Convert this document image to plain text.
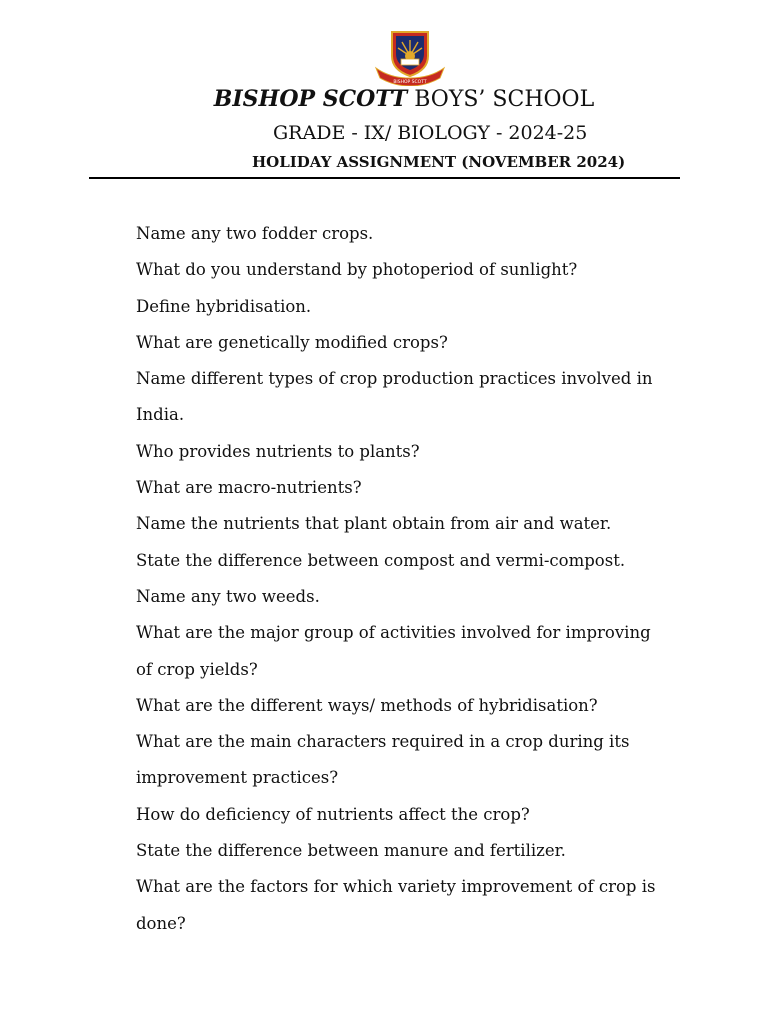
BISHOP SCOTT
BISHOP SCOTT BOYS’ SCHOOL
GRADE - IX/ BIOLOGY - 2024-25
HOLIDAY ASSIGNMENT (NOVEMBER 2024)
Name any two fodder crops.
What do you understand by photoperiod of sunlight?
Define hybridisation.
What are genetically modified crops?
Name different types of crop production practices involved in
India.
Who provides nutrients to plants?
What are macro-nutrients?
Name the nutrients that plant obtain from air and water.
State the difference between compost and vermi-compost.
Name any two weeds.
What are the major group of activities involved for improving
of crop yields?
What are the different ways/ methods of hybridisation?
What are the main characters required in a crop during its
improvement practices?
How do deficiency of nutrients affect the crop?
State the difference between manure and fertilizer.
What are the factors for which variety improvement of crop is
done?
